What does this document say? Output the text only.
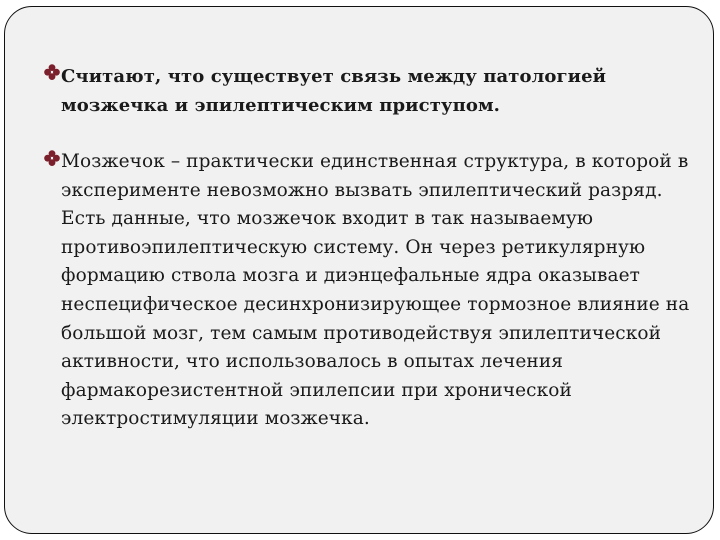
Считают, что существует связь между патологией мозжечка и эпилептическим приступом.
Мозжечок – практически единственная структура, в которой в эксперименте невозможно вызвать эпилептический разряд. Есть данные, что мозжечок входит в так называемую противоэпилептическую систему. Он через ретикулярную формацию ствола мозга и диэнцефальные ядра оказывает неспецифическое десинхронизирующее тормозное влияние на большой мозг, тем самым противодействуя эпилептической активности, что использовалось в опытах лечения фармакорезистентной эпилепсии при хронической электростимуляции мозжечка.
